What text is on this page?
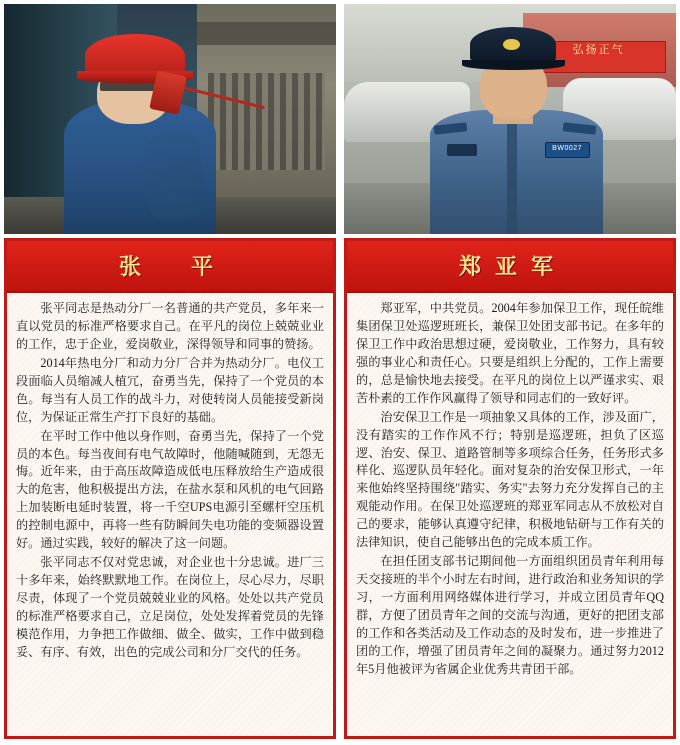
弘扬正气
BW0027
张　平

张平同志是热动分厂一名普通的共产党员，多年来一直以党员的标准严格要求自己。在平凡的岗位上兢兢业业的工作，忠于企业，爱岗敬业，深得领导和同事的赞扬。

2014年热电分厂和动力分厂合并为热动分厂。电仪工段面临人员缩减人植冗，奋勇当先，保持了一个党员的本色。每当有人员工作的战斗力，对使转岗人员能接受新岗位，为保证正常生产打下良好的基础。

在平时工作中他以身作则，奋勇当先，保持了一个党员的本色。每当夜间有电气故障时，他随喊随到，无怨无悔。近年来，由于高压故障造成低电压释放给生产造成很大的危害，他积极提出方法，在盐水泵和风机的电气回路上加装断电延时装置，将一千空UPS电源引至螺杆空压机的控制电源中，再将一些有防瞬间失电功能的变频器设置好。通过实践，较好的解决了这一问题。

张平同志不仅对党忠诚，对企业也十分忠诚。进厂三十多年来，始终默默地工作。在岗位上，尽心尽力，尽职尽责，体现了一个党员兢兢业业的风格。处处以共产党员的标准严格要求自己，立足岗位，处处发挥着党员的先锋模范作用，力争把工作做细、做全、做实，工作中做到稳妥、有序、有效，出色的完成公司和分厂交代的任务。

郑亚军

郑亚军，中共党员。2004年参加保卫工作，现任皖维集团保卫处巡逻班班长，兼保卫处团支部书记。在多年的保卫工作中政治思想过硬，爱岗敬业，工作努力，具有较强的事业心和责任心。只要是组织上分配的，工作上需要的，总是愉快地去接受。在平凡的岗位上以严谨求实、艰苦朴素的工作作风赢得了领导和同志们的一致好评。

治安保卫工作是一项抽象又具体的工作，涉及面广，没有踏实的工作作风不行；特别是巡逻班，担负了区巡逻、治安、保卫、道路管制等多项综合任务，任务形式多样化、巡逻队员年轻化。面对复杂的治安保卫形式，一年来他始终坚持围绕"踏实、务实"去努力充分发挥自己的主观能动作用。在保卫处巡逻班的郑亚军同志从不放松对自己的要求，能够认真遵守纪律，积极地钻研与工作有关的法律知识，使自己能够出色的完成本质工作。

在担任团支部书记期间他一方面组织团员青年利用每天交接班的半个小时左右时间，进行政治和业务知识的学习，一方面利用网络媒体进行学习，并成立团员青年QQ群，方便了团员青年之间的交流与沟通，更好的把团支部的工作和各类活动及工作动态的及时发布，进一步推进了团的工作，增强了团员青年之间的凝聚力。通过努力2012年5月他被评为省属企业优秀共青团干部。
